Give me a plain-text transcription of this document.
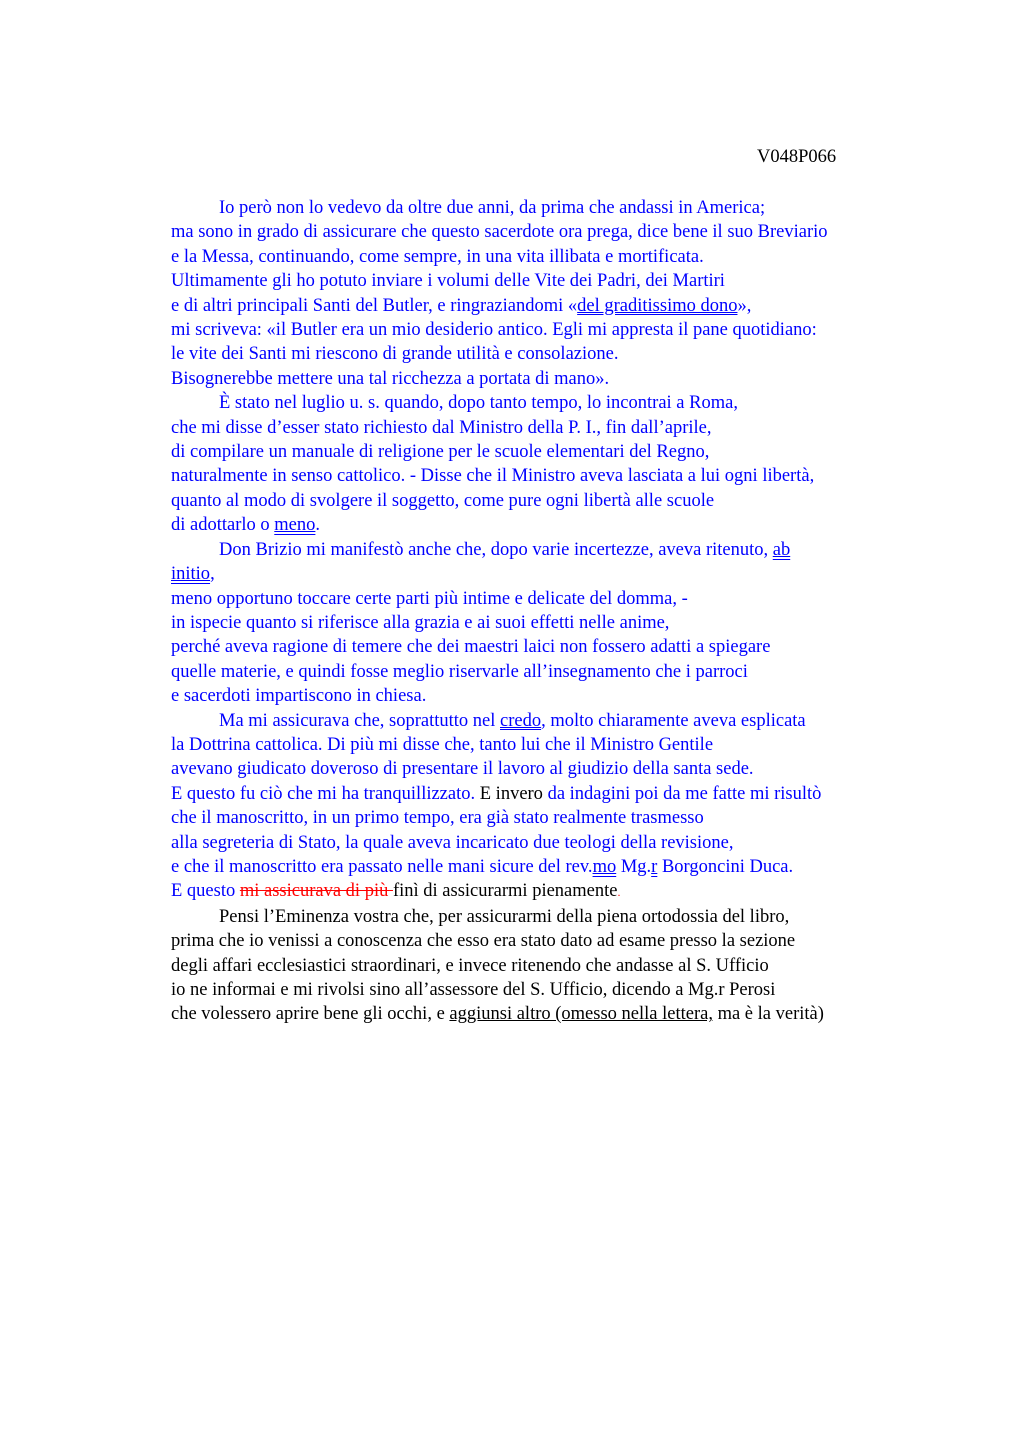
V048P066
Io però non lo vedevo da oltre due anni, da prima che andassi in America;
ma sono in grado di assicurare che questo sacerdote ora prega, dice bene il suo Breviario
e la Messa, continuando, come sempre, in una vita illibata e mortificata.
Ultimamente gli ho potuto inviare i volumi delle Vite dei Padri, dei Martiri
e di altri principali Santi del Butler, e ringraziandomi «del graditissimo dono»,
mi scriveva: «il Butler era un mio desiderio antico. Egli mi appresta il pane quotidiano:
le vite dei Santi mi riescono di grande utilità e consolazione.
Bisognerebbe mettere una tal ricchezza a portata di mano».
È stato nel luglio u. s. quando, dopo tanto tempo, lo incontrai a Roma,
che mi disse d’esser stato richiesto dal Ministro della P. I., fin dall’aprile,
di compilare un manuale di religione per le scuole elementari del Regno,
naturalmente in senso cattolico. - Disse che il Ministro aveva lasciata a lui ogni libertà,
quanto al modo di svolgere il soggetto, come pure ogni libertà alle scuole
di adottarlo o meno.
Don Brizio mi manifestò anche che, dopo varie incertezze, aveva ritenuto, ab
initio,
meno opportuno toccare certe parti più intime e delicate del domma, -
in ispecie quanto si riferisce alla grazia e ai suoi effetti nelle anime,
perché aveva ragione di temere che dei maestri laici non fossero adatti a spiegare
quelle materie, e quindi fosse meglio riservarle all’insegnamento che i parroci
e sacerdoti impartiscono in chiesa.
Ma mi assicurava che, soprattutto nel credo, molto chiaramente aveva esplicata
la Dottrina cattolica. Di più mi disse che, tanto lui che il Ministro Gentile
avevano giudicato doveroso di presentare il lavoro al giudizio della santa sede.
E questo fu ciò che mi ha tranquillizzato. E invero da indagini poi da me fatte mi risultò
che il manoscritto, in un primo tempo, era già stato realmente trasmesso
alla segreteria di Stato, la quale aveva incaricato due teologi della revisione,
e che il manoscritto era passato nelle mani sicure del rev.mo Mg.r Borgoncini Duca.
E questo mi assicurava di più finì di assicurarmi pienamente.
Pensi l’Eminenza vostra che, per assicurarmi della piena ortodossia del libro,
prima che io venissi a conoscenza che esso era stato dato ad esame presso la sezione
degli affari ecclesiastici straordinari, e invece ritenendo che andasse al S. Ufficio
io ne informai e mi rivolsi sino all’assessore del S. Ufficio, dicendo a Mg.r Perosi
che volessero aprire bene gli occhi, e aggiunsi altro (omesso nella lettera, ma è la verità)
